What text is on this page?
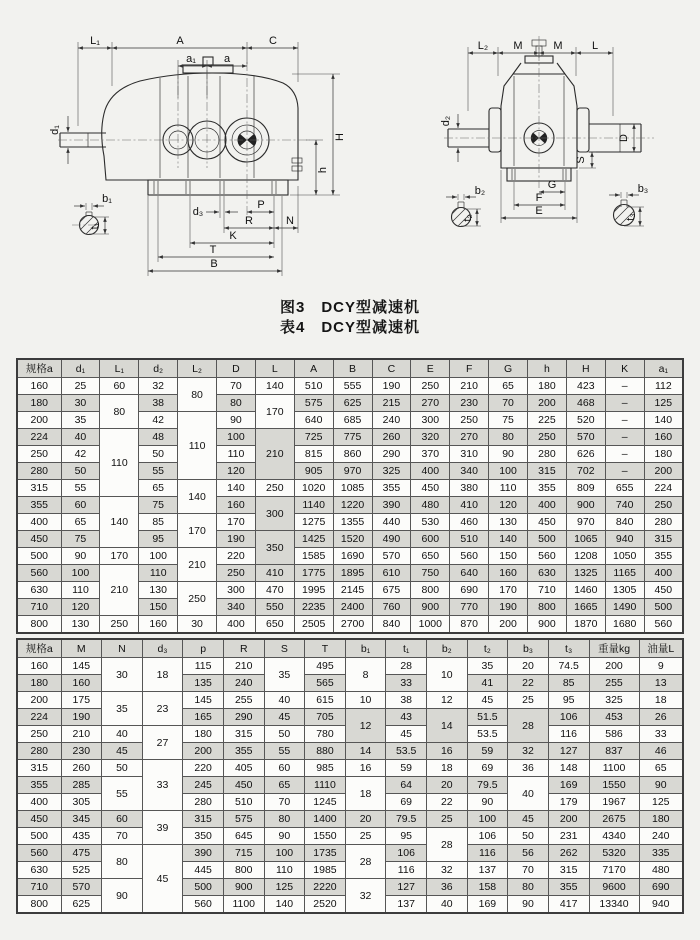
L₁	A	C
a₁	a
d₁
H
h
d₃
P
R	N
K
T
B
b₁
t₁
L₂ M	M	L
d₂
D
S
G
F
E
b₂
t₂
b₃
t₃
图3　DCY型减速机
表4　DCY型减速机
规格a	d₁	L₁	d₂	L₂	D	L	A	B	C	E	F	G	h	H	K	a₁
160	25	60	32	80	70	140	510	555	190	250	210	65	180	423	–	112
180	30	80	38		80	170	575	625	215	270	230	70	200	468	–	125
200	35		42	110	90		640	685	240	300	250	75	225	520	–	140
224	40	110	48		100	210	725	775	260	320	270	80	250	570	–	160
250	42		50		110		815	860	290	370	310	90	280	626	–	180
280	50		55		120		905	970	325	400	340	100	315	702	–	200
315	55		65	140	140	250	1020	1085	355	450	380	110	355	809	655	224
355	60	140	75		160	300	1140	1220	390	480	410	120	400	900	740	250
400	65		85	170	170		1275	1355	440	530	460	130	450	970	840	280
450	75		95		190	350	1425	1520	490	600	510	140	500	1065	940	315
500	90	170	100	210	220		1585	1690	570	650	560	150	560	1208	1050	355
560	100	210	110		250	410	1775	1895	610	750	640	160	630	1325	1165	400
630	110		130	250	300	470	1995	2145	675	800	690	170	710	1460	1305	450
710	120		150		340	550	2235	2400	760	900	770	190	800	1665	1490	500
800	130	250	160	30	400	650	2505	2700	840	1000	870	200	900	1870	1680	560
规格a	M	N	d₃	p	R	S	T	b₁	t₁	b₂	t₂	b₃	t₃	重量kg	油量L
160	145	30	18	115	210	35	495	8	28	10	35	20	74.5	200	9
180	160			135	240		565		33		41	22	85	255	13
200	175	35	23	145	255	40	615	10	38	12	45	25	95	325	18
224	190			165	290	45	705	12	43	14	51.5	28	106	453	26
250	210	40	27	180	315	50	780		45		53.5		116	586	33
280	230	45		200	355	55	880	14	53.5	16	59	32	127	837	46
315	260	50	33	220	405	60	985	16	59	18	69	36	148	1100	65
355	285	55		245	450	65	1110	18	64	20	79.5	40	169	1550	90
400	305			280	510	70	1245		69	22	90		179	1967	125
450	345	60	39	315	575	80	1400	20	79.5	25	100	45	200	2675	180
500	435	70		350	645	90	1550	25	95	28	106	50	231	4340	240
560	475	80	45	390	715	100	1735	28	106		116	56	262	5320	335
630	525			445	800	110	1985		116	32	137	70	315	7170	480
710	570	90		500	900	125	2220	32	127	36	158	80	355	9600	690
800	625			560	1100	140	2520		137	40	169	90	417	13340	940
